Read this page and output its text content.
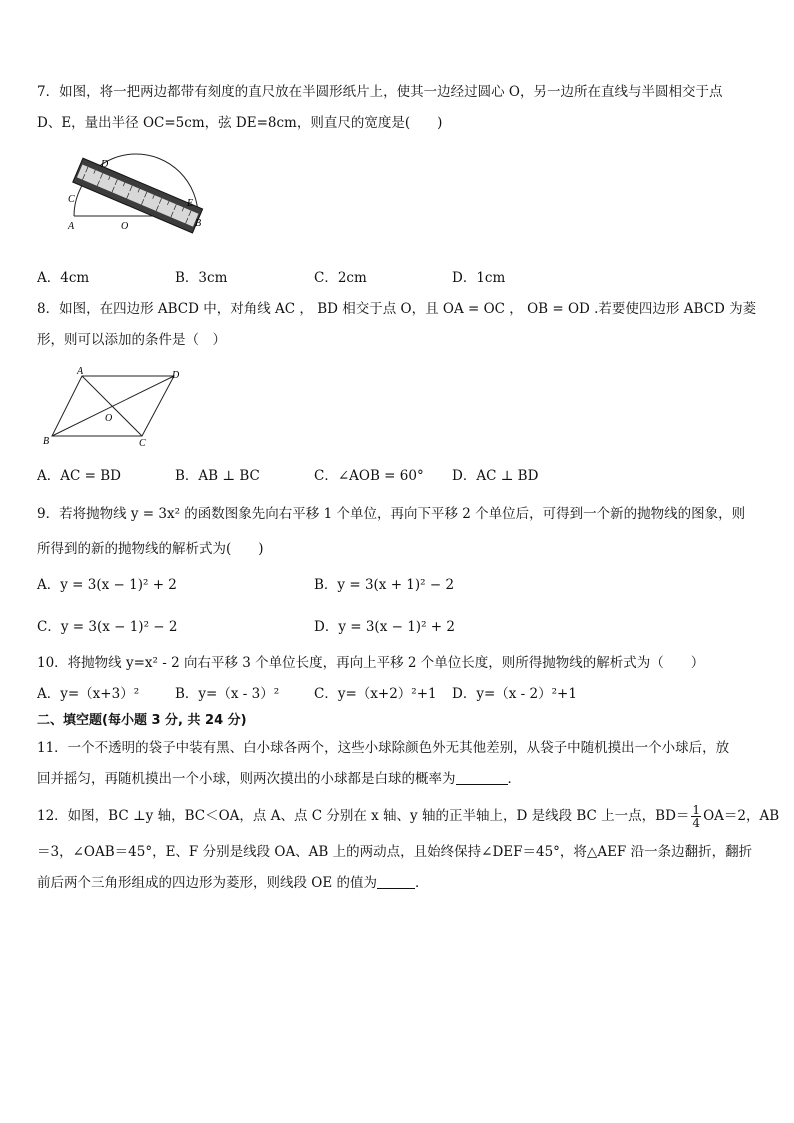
7．如图，将一把两边都带有刻度的直尺放在半圆形纸片上，使其一边经过圆心 O，另一边所在直线与半圆相交于点
D、E，量出半径 OC=5cm，弦 DE=8cm，则直尺的宽度是(　　)
D
C
A	O
E
B
A．4cm	B．3cm	C．2cm	D．1cm
8．如图，在四边形 ABCD 中，对角线 AC ， BD 相交于点 O，且 OA = OC ， OB = OD .若要使四边形 ABCD 为菱
形，则可以添加的条件是（　）
A	D
O
B	C
A．AC = BD	B．AB ⊥ BC	C．∠AOB = 60° D．AC ⊥ BD
9．若将抛物线 y = 3x² 的函数图象先向右平移 1 个单位，再向下平移 2 个单位后，可得到一个新的抛物线的图象，则
所得到的新的抛物线的解析式为(　　)
A．y = 3(x − 1)² + 2	B．y = 3(x + 1)² − 2
C．y = 3(x − 1)² − 2	D．y = 3(x − 1)² + 2
10．将抛物线 y=x² - 2 向右平移 3 个单位长度，再向上平移 2 个单位长度，则所得抛物线的解析式为（　　）
A．y=（x+3）²	B．y=（x - 3）²	C．y=（x+2）²+1 D．y=（x - 2）²+1
二、填空题(每小题 3 分, 共 24 分)
11．一个不透明的袋子中装有黑、白小球各两个，这些小球除颜色外无其他差别，从袋子中随机摸出一个小球后，放
回并摇匀，再随机摸出一个小球，则两次摸出的小球都是白球的概率为	．
12．如图，BC ⊥y 轴，BC＜OA，点 A、点 C 分别在 x 轴、y 轴的正半轴上，D 是线段 BC 上一点，$BD= \frac{1}{4} OA=2$，AB
＝3，∠OAB＝45°，E、F 分别是线段 OA、AB 上的两动点，且始终保持∠DEF＝45°，将△AEF 沿一条边翻折，翻折
前后两个三角形组成的四边形为菱形，则线段 OE 的值为	．
